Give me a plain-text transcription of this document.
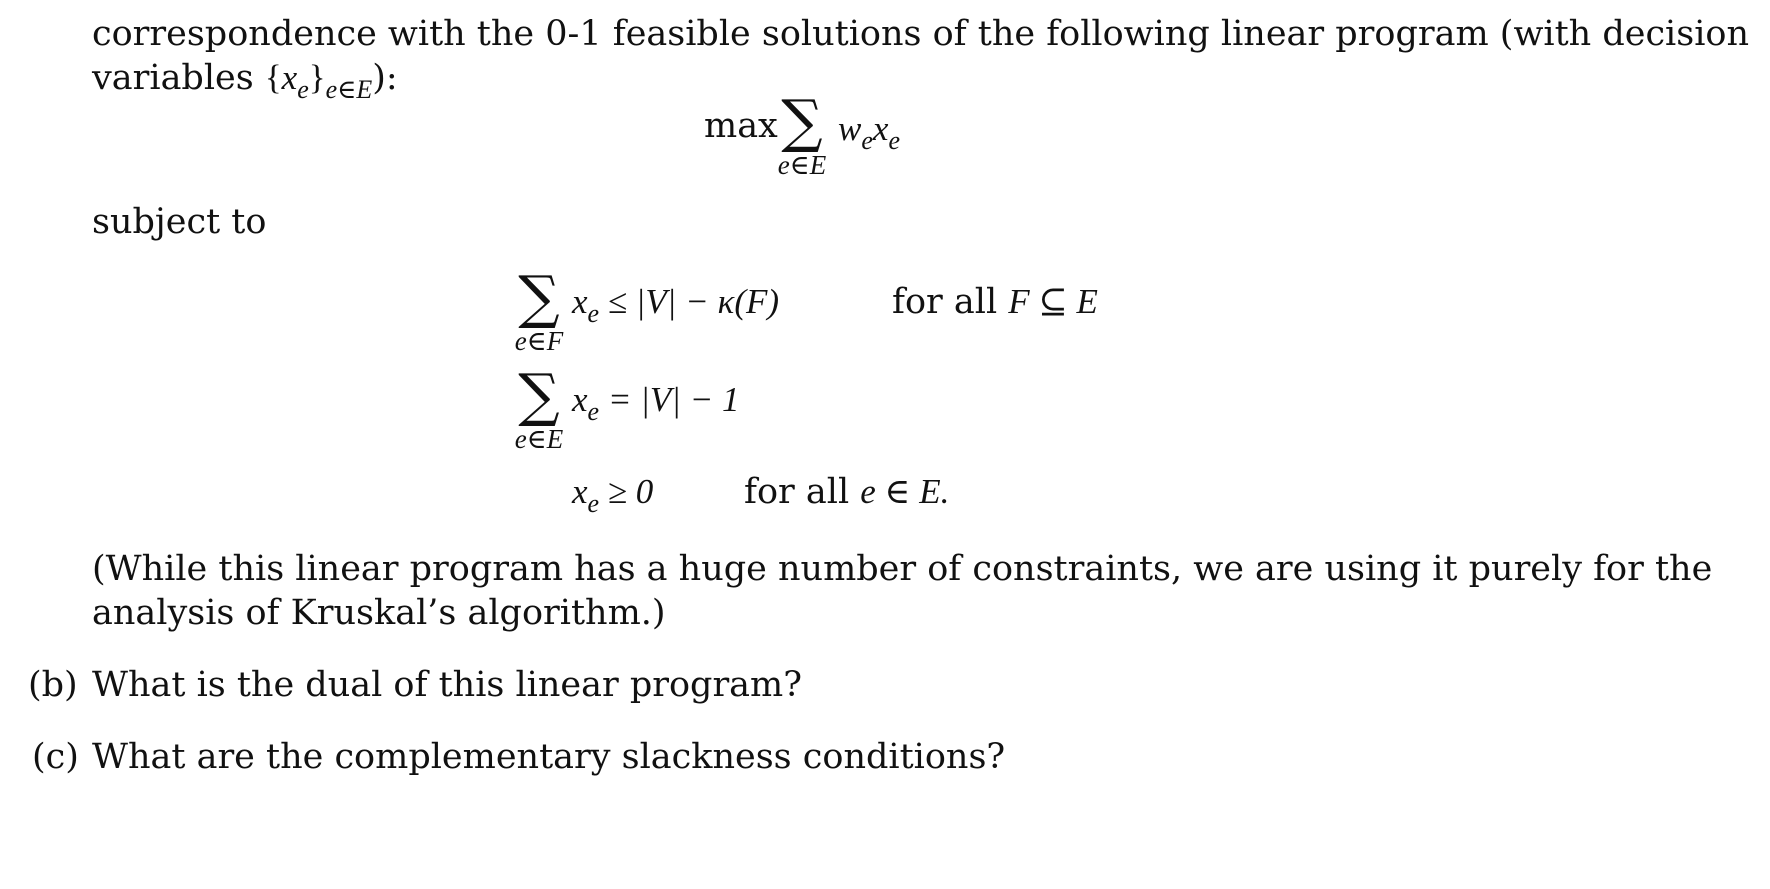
correspondence with the 0-1 feasible solutions of the following linear program (with decision
variables $\{x_e\}_{e\in E}$):
max ∑
e∈E
$w_ex_e$
subject to
∑
e∈F
$x_e \le |V| - \kappa(F)$	for all F ⊆ E
∑
e∈E
$x_e = |V| - 1$
$x_e \ge 0$	for all e ∈ E.
(While this linear program has a huge number of constraints, we are using it purely for the
analysis of Kruskal’s algorithm.)
(b) What is the dual of this linear program?
(c) What are the complementary slackness conditions?
